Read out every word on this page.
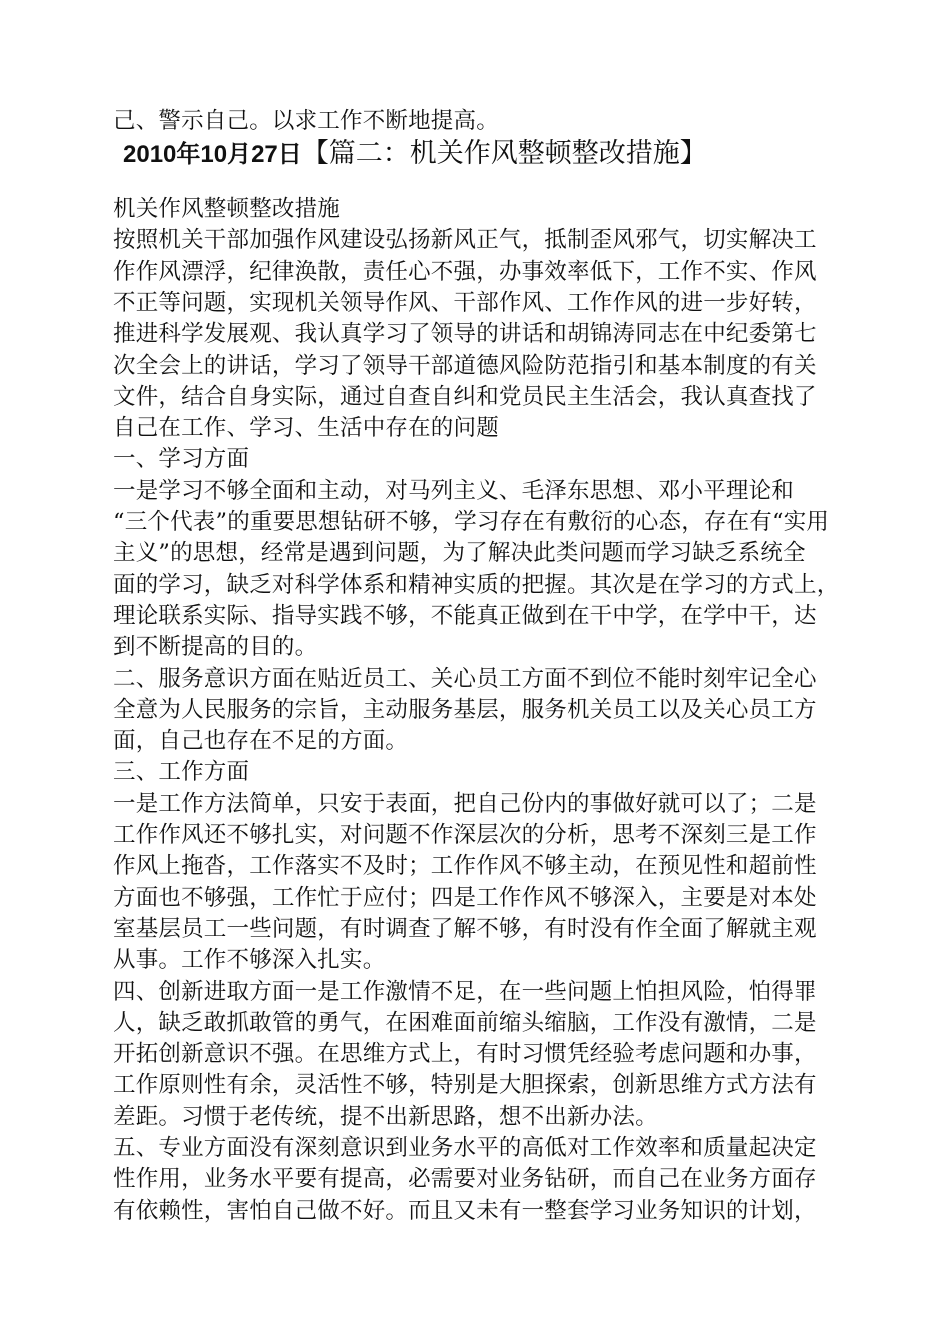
己、警示自己。以求工作不断地提高。
2010年10月27日【篇二：机关作风整顿整改措施】
机关作风整顿整改措施
按照机关干部加强作风建设弘扬新风正气，抵制歪风邪气，切实解决工
作作风漂浮，纪律涣散，责任心不强，办事效率低下，工作不实、作风
不正等问题，实现机关领导作风、干部作风、工作作风的进一步好转，
推进科学发展观、我认真学习了领导的讲话和胡锦涛同志在中纪委第七
次全会上的讲话，学习了领导干部道德风险防范指引和基本制度的有关
文件，结合自身实际，通过自查自纠和党员民主生活会，我认真查找了
自己在工作、学习、生活中存在的问题
一、学习方面
一是学习不够全面和主动，对马列主义、毛泽东思想、邓小平理论和
“三个代表”的重要思想钻研不够，学习存在有敷衍的心态，存在有“实用
主义”的思想，经常是遇到问题，为了解决此类问题而学习缺乏系统全
面的学习，缺乏对科学体系和精神实质的把握。其次是在学习的方式上，
理论联系实际、指导实践不够，不能真正做到在干中学，在学中干，达
到不断提高的目的。
二、服务意识方面在贴近员工、关心员工方面不到位不能时刻牢记全心
全意为人民服务的宗旨，主动服务基层，服务机关员工以及关心员工方
面，自己也存在不足的方面。
三、工作方面
一是工作方法简单，只安于表面，把自己份内的事做好就可以了；二是
工作作风还不够扎实，对问题不作深层次的分析，思考不深刻三是工作
作风上拖沓，工作落实不及时；工作作风不够主动，在预见性和超前性
方面也不够强，工作忙于应付；四是工作作风不够深入，主要是对本处
室基层员工一些问题，有时调查了解不够，有时没有作全面了解就主观
从事。工作不够深入扎实。
四、创新进取方面一是工作激情不足，在一些问题上怕担风险，怕得罪
人，缺乏敢抓敢管的勇气，在困难面前缩头缩脑，工作没有激情，二是
开拓创新意识不强。在思维方式上，有时习惯凭经验考虑问题和办事，
工作原则性有余，灵活性不够，特别是大胆探索，创新思维方式方法有
差距。习惯于老传统，提不出新思路，想不出新办法。
五、专业方面没有深刻意识到业务水平的高低对工作效率和质量起决定
性作用，业务水平要有提高，必需要对业务钻研，而自己在业务方面存
有依赖性，害怕自己做不好。而且又未有一整套学习业务知识的计划，
